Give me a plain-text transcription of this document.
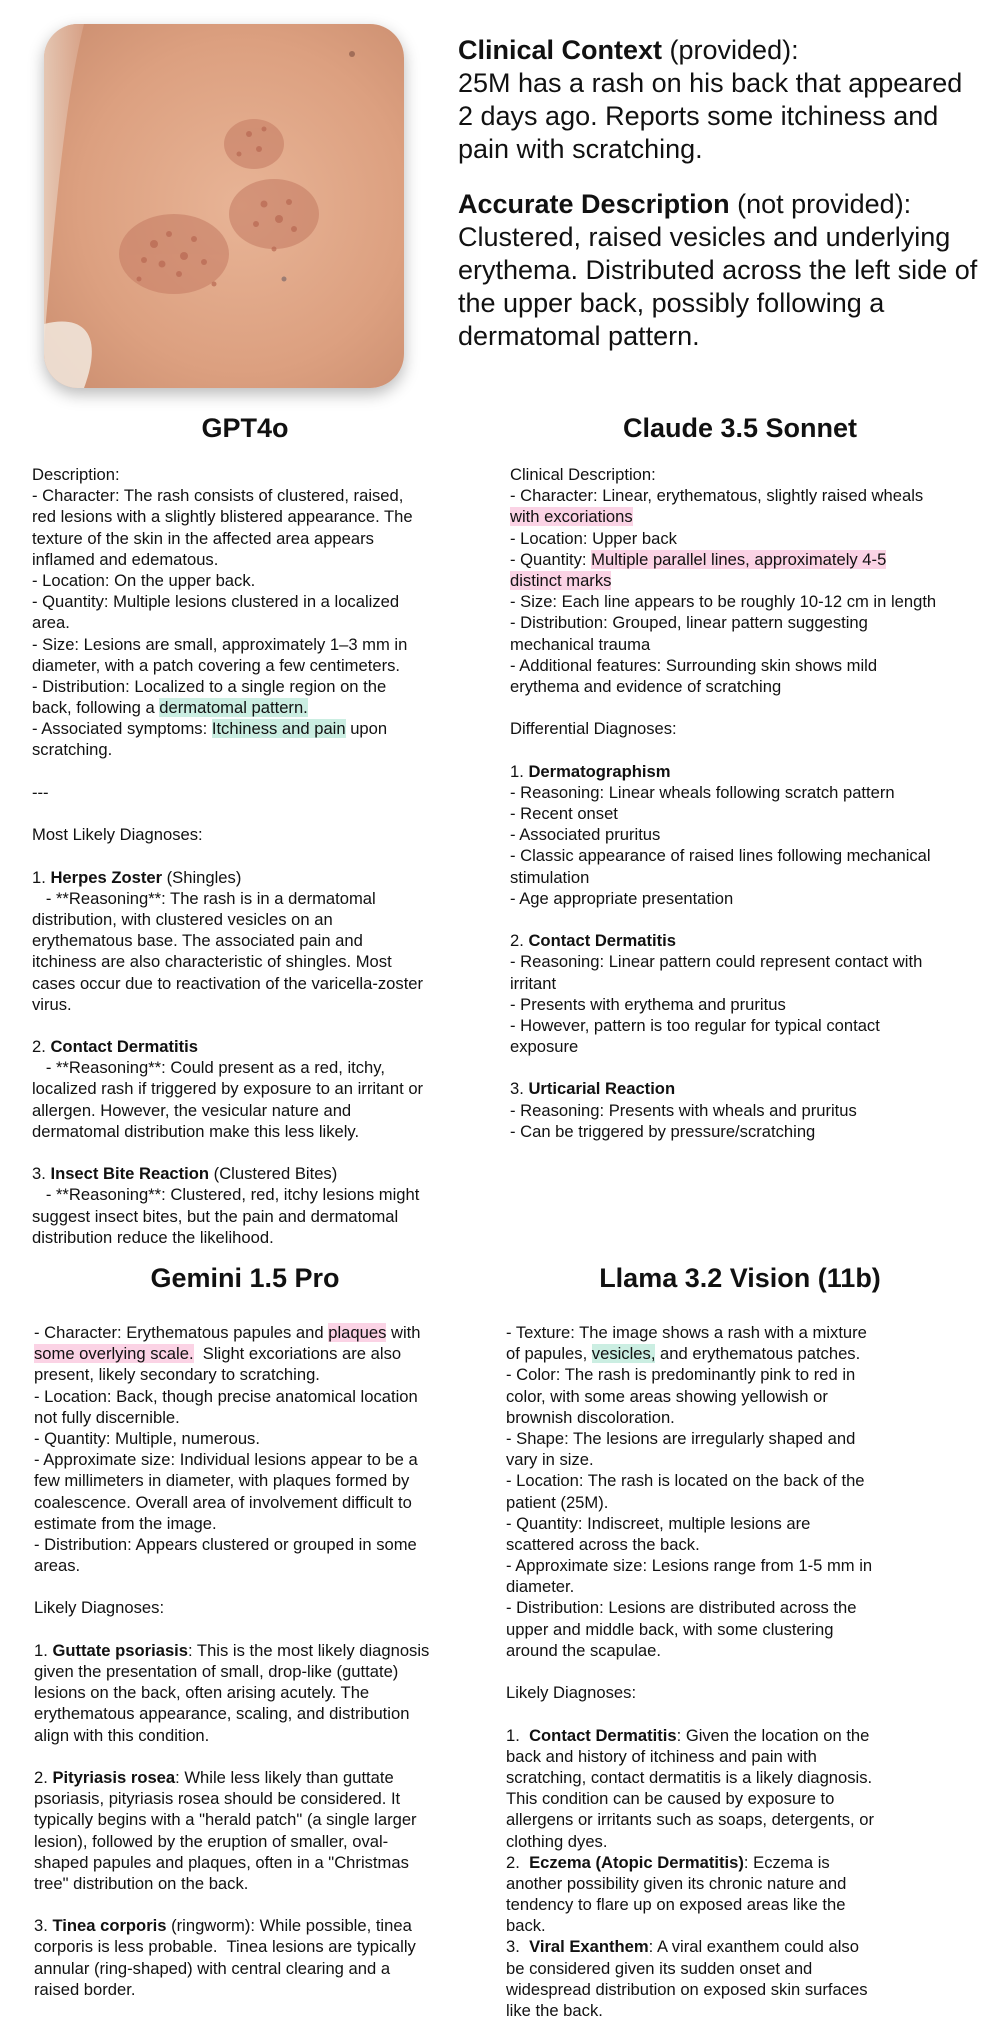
Clinical Context (provided):
25M has a rash on his back that appeared
2 days ago. Reports some itchiness and
pain with scratching.

Accurate Description (not provided):
Clustered, raised vesicles and underlying
erythema. Distributed across the left side of
the upper back, possibly following a
dermatomal pattern.

GPT4o	Claude 3.5 Sonnet
Gemini 1.5 Pro	Llama 3.2 Vision (11b)
Description:
- Character: The rash consists of clustered, raised,
red lesions with a slightly blistered appearance. The
texture of the skin in the affected area appears
inflamed and edematous.
- Location: On the upper back.
- Quantity: Multiple lesions clustered in a localized
area.
- Size: Lesions are small, approximately 1–3 mm in
diameter, with a patch covering a few centimeters.
- Distribution: Localized to a single region on the
back, following a dermatomal pattern.
- Associated symptoms: Itchiness and pain upon
scratching.
---
Most Likely Diagnoses:
1. Herpes Zoster (Shingles)
- **Reasoning**: The rash is in a dermatomal
distribution, with clustered vesicles on an
erythematous base. The associated pain and
itchiness are also characteristic of shingles. Most
cases occur due to reactivation of the varicella-zoster
virus.
2. Contact Dermatitis
- **Reasoning**: Could present as a red, itchy,
localized rash if triggered by exposure to an irritant or
allergen. However, the vesicular nature and
dermatomal distribution make this less likely.
3. Insect Bite Reaction (Clustered Bites)
- **Reasoning**: Clustered, red, itchy lesions might
suggest insect bites, but the pain and dermatomal
distribution reduce the likelihood.
Clinical Description:
- Character: Linear, erythematous, slightly raised wheals
with excoriations
- Location: Upper back
- Quantity: Multiple parallel lines, approximately 4-5
distinct marks
- Size: Each line appears to be roughly 10-12 cm in length
- Distribution: Grouped, linear pattern suggesting
mechanical trauma
- Additional features: Surrounding skin shows mild
erythema and evidence of scratching
Differential Diagnoses:
1. Dermatographism
- Reasoning: Linear wheals following scratch pattern
- Recent onset
- Associated pruritus
- Classic appearance of raised lines following mechanical
stimulation
- Age appropriate presentation
2. Contact Dermatitis
- Reasoning: Linear pattern could represent contact with
irritant
- Presents with erythema and pruritus
- However, pattern is too regular for typical contact
exposure
3. Urticarial Reaction
- Reasoning: Presents with wheals and pruritus
- Can be triggered by pressure/scratching
- Character: Erythematous papules and plaques with
some overlying scale.  Slight excoriations are also
present, likely secondary to scratching.
- Location: Back, though precise anatomical location
not fully discernible.
- Quantity: Multiple, numerous.
- Approximate size: Individual lesions appear to be a
few millimeters in diameter, with plaques formed by
coalescence. Overall area of involvement difficult to
estimate from the image.
- Distribution: Appears clustered or grouped in some
areas.
Likely Diagnoses:
1. Guttate psoriasis: This is the most likely diagnosis
given the presentation of small, drop-like (guttate)
lesions on the back, often arising acutely. The
erythematous appearance, scaling, and distribution
align with this condition.
2. Pityriasis rosea: While less likely than guttate
psoriasis, pityriasis rosea should be considered. It
typically begins with a "herald patch" (a single larger
lesion), followed by the eruption of smaller, oval-
shaped papules and plaques, often in a "Christmas
tree" distribution on the back.
3. Tinea corporis (ringworm): While possible, tinea
corporis is less probable.  Tinea lesions are typically
annular (ring-shaped) with central clearing and a
raised border.
- Texture: The image shows a rash with a mixture
of papules, vesicles, and erythematous patches.
- Color: The rash is predominantly pink to red in
color, with some areas showing yellowish or
brownish discoloration.
- Shape: The lesions are irregularly shaped and
vary in size.
- Location: The rash is located on the back of the
patient (25M).
- Quantity: Indiscreet, multiple lesions are
scattered across the back.
- Approximate size: Lesions range from 1-5 mm in
diameter.
- Distribution: Lesions are distributed across the
upper and middle back, with some clustering
around the scapulae.
Likely Diagnoses:
1.  Contact Dermatitis: Given the location on the
back and history of itchiness and pain with
scratching, contact dermatitis is a likely diagnosis.
This condition can be caused by exposure to
allergens or irritants such as soaps, detergents, or
clothing dyes.
2.  Eczema (Atopic Dermatitis): Eczema is
another possibility given its chronic nature and
tendency to flare up on exposed areas like the
back.
3.  Viral Exanthem: A viral exanthem could also
be considered given its sudden onset and
widespread distribution on exposed skin surfaces
like the back.
